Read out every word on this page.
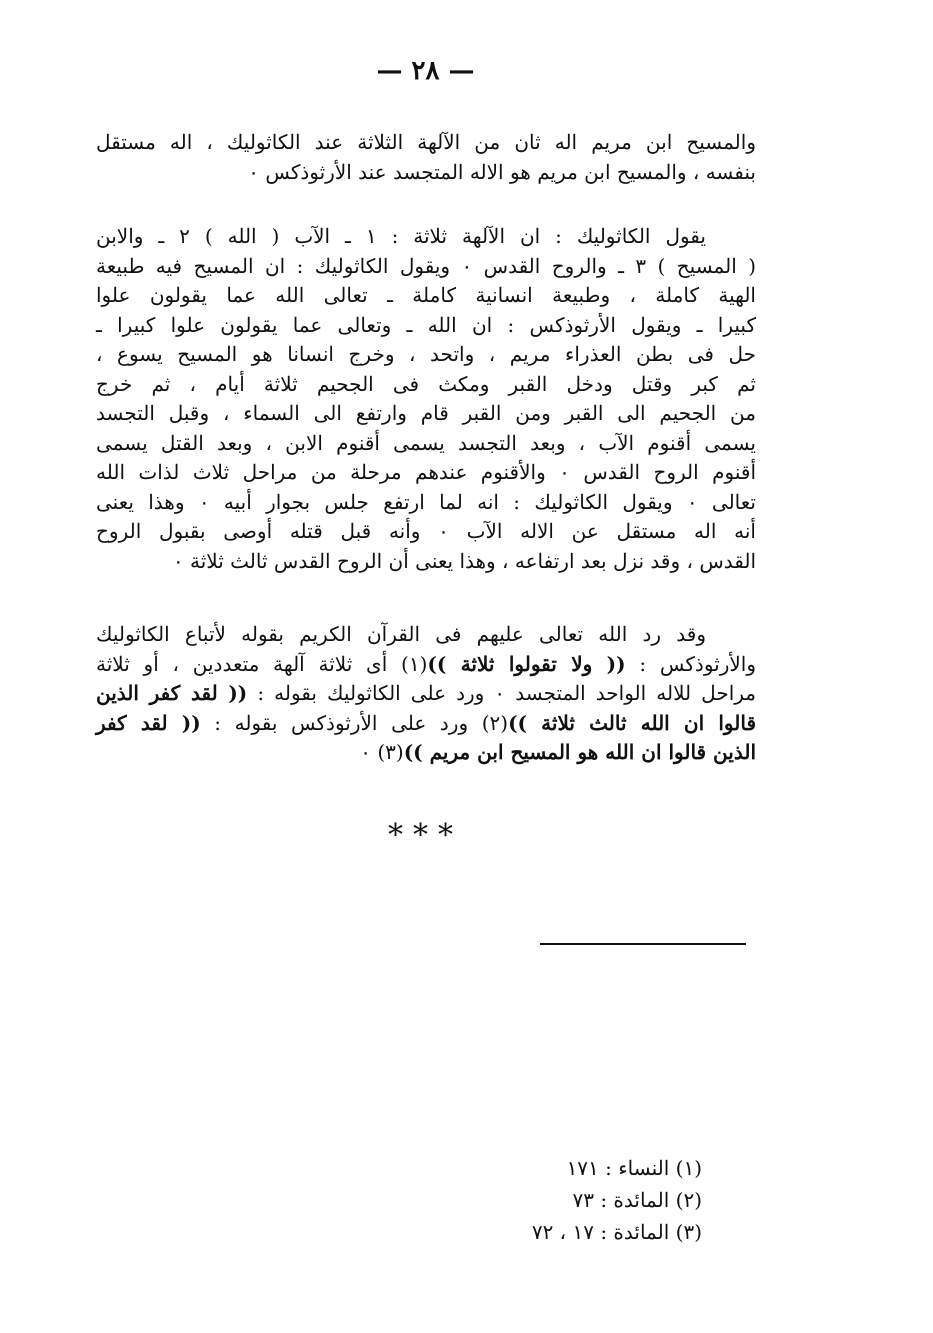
— ٢٨ —
والمسيح ابن مريم اله ثان من الآلهة الثلاثة عند الكاثوليك ، اله مستقل
بنفسه ، والمسيح ابن مريم هو الاله المتجسد عند الأرثوذكس ٠
يقول الكاثوليك : ان الآلهة ثلاثة : ١ ـ الآب ( الله ) ٢ ـ والابن
( المسيح ) ٣ ـ والروح القدس ٠ ويقول الكاثوليك : ان المسيح فيه طبيعة
الهية كاملة ، وطبيعة انسانية كاملة ـ تعالى الله عما يقولون علوا
كبيرا ـ ويقول الأرثوذكس : ان الله ـ وتعالى عما يقولون علوا كبيرا ـ
حل فى بطن العذراء مريم ، واتحد ، وخرج انسانا هو المسيح يسوع ،
ثم كبر وقتل ودخل القبر ومكث فى الجحيم ثلاثة أيام ، ثم خرج
من الجحيم الى القبر ومن القبر قام وارتفع الى السماء ، وقبل التجسد
يسمى أقنوم الآب ، وبعد التجسد يسمى أقنوم الابن ، وبعد القتل يسمى
أقنوم الروح القدس ٠ والأقنوم عندهم مرحلة من مراحل ثلاث لذات الله
تعالى ٠ ويقول الكاثوليك : انه لما ارتفع جلس بجوار أبيه ٠ وهذا يعنى
أنه اله مستقل عن الاله الآب ٠ وأنه قبل قتله أوصى بقبول الروح
القدس ، وقد نزل بعد ارتفاعه ، وهذا يعنى أن الروح القدس ثالث ثلاثة ٠
وقد رد الله تعالى عليهم فى القرآن الكريم بقوله لأتباع الكاثوليك
والأرثوذكس : (( ولا تقولوا ثلاثة ))(١) أى ثلاثة آلهة متعددين ، أو ثلاثة
مراحل للاله الواحد المتجسد ٠ ورد على الكاثوليك بقوله : (( لقد كفر الذين
قالوا ان الله ثالث ثلاثة ))(٢) ورد على الأرثوذكس بقوله : (( لقد كفر
الذين قالوا ان الله هو المسيح ابن مريم ))(٣) ٠
***
(١) النساء : ١٧١
(٢) المائدة : ٧٣
(٣) المائدة : ١٧ ، ٧٢
